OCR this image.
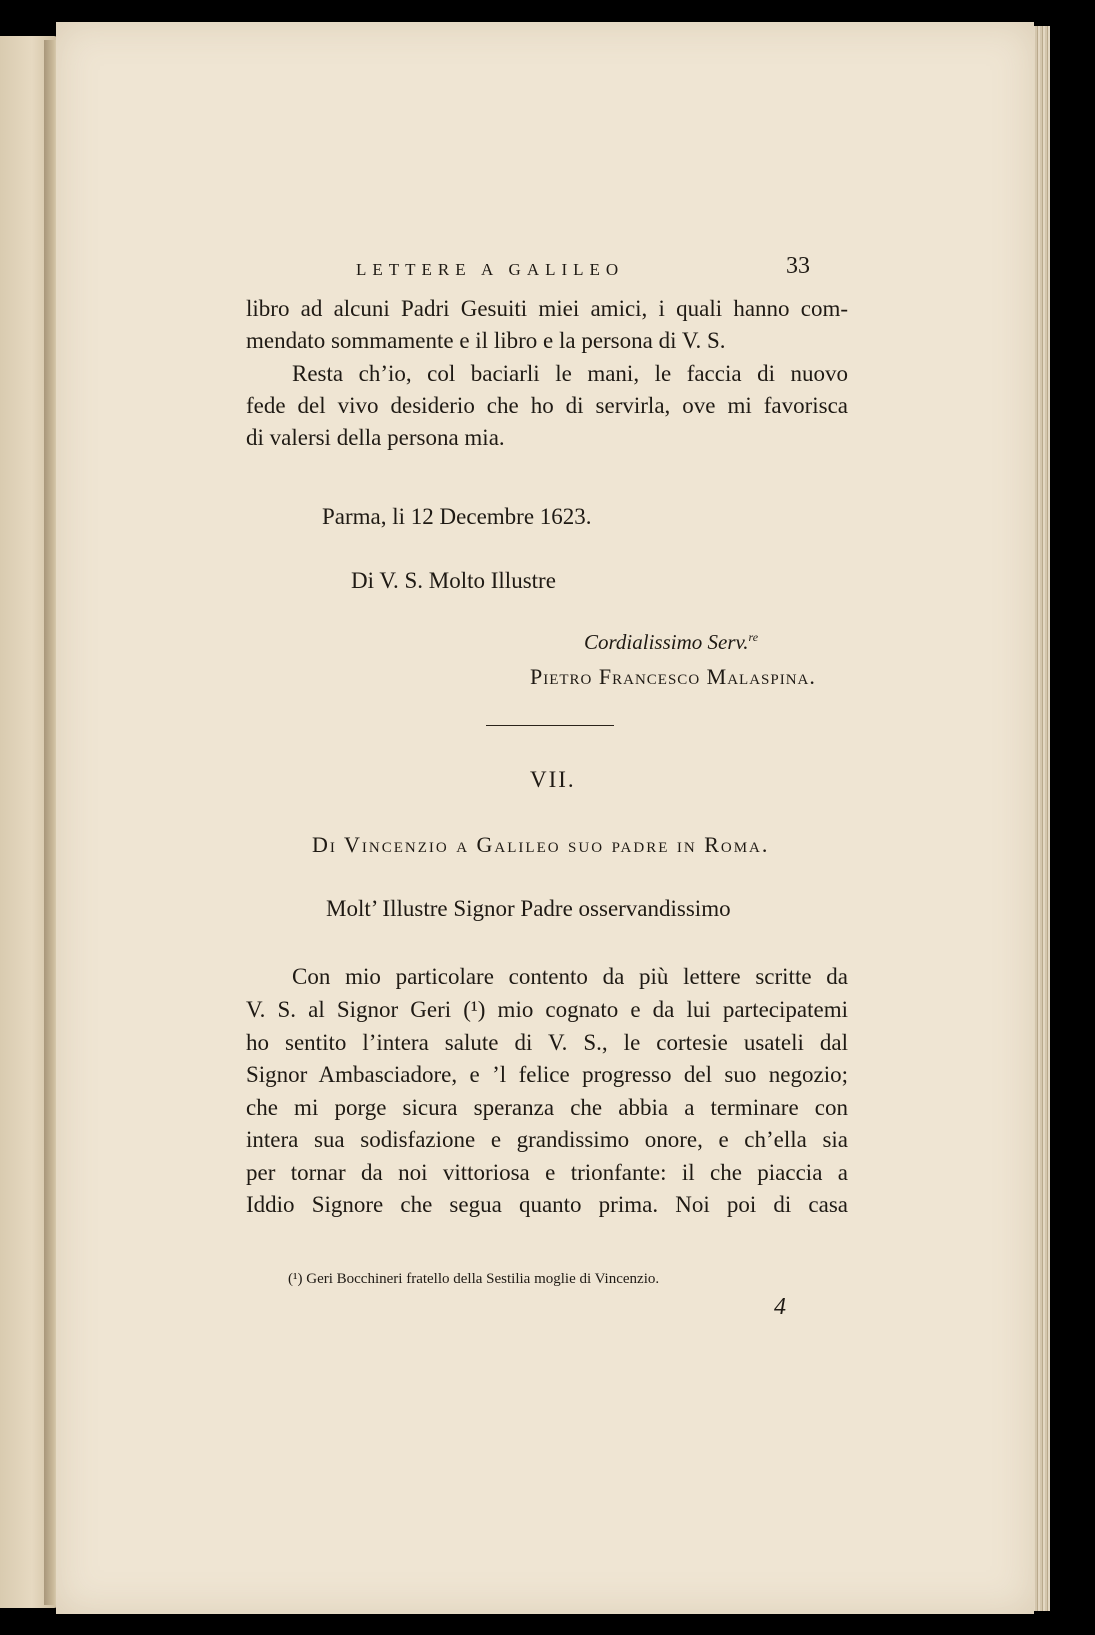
LETTERE A GALILEO	33
libro ad alcuni Padri Gesuiti miei amici, i quali hanno com-
mendato sommamente e il libro e la persona di V. S.
Resta ch’io, col baciarli le mani, le faccia di nuovo
fede del vivo desiderio che ho di servirla, ove mi favorisca
di valersi della persona mia.
Parma, li 12 Decembre 1623.
Di V. S. Molto Illustre
Cordialissimo Serv.$^{re}$
Pietro Francesco Malaspina.
VII.
Di Vincenzio a Galileo suo padre in Roma.
Molt’ Illustre Signor Padre osservandissimo
Con mio particolare contento da più lettere scritte da
V. S. al Signor Geri (¹) mio cognato e da lui partecipatemi
ho sentito l’intera salute di V. S., le cortesie usateli dal
Signor Ambasciadore, e ’l felice progresso del suo negozio;
che mi porge sicura speranza che abbia a terminare con
intera sua sodisfazione e grandissimo onore, e ch’ella sia
per tornar da noi vittoriosa e trionfante: il che piaccia a
Iddio Signore che segua quanto prima. Noi poi di casa
(¹) Geri Bocchineri fratello della Sestilia moglie di Vincenzio.
4
